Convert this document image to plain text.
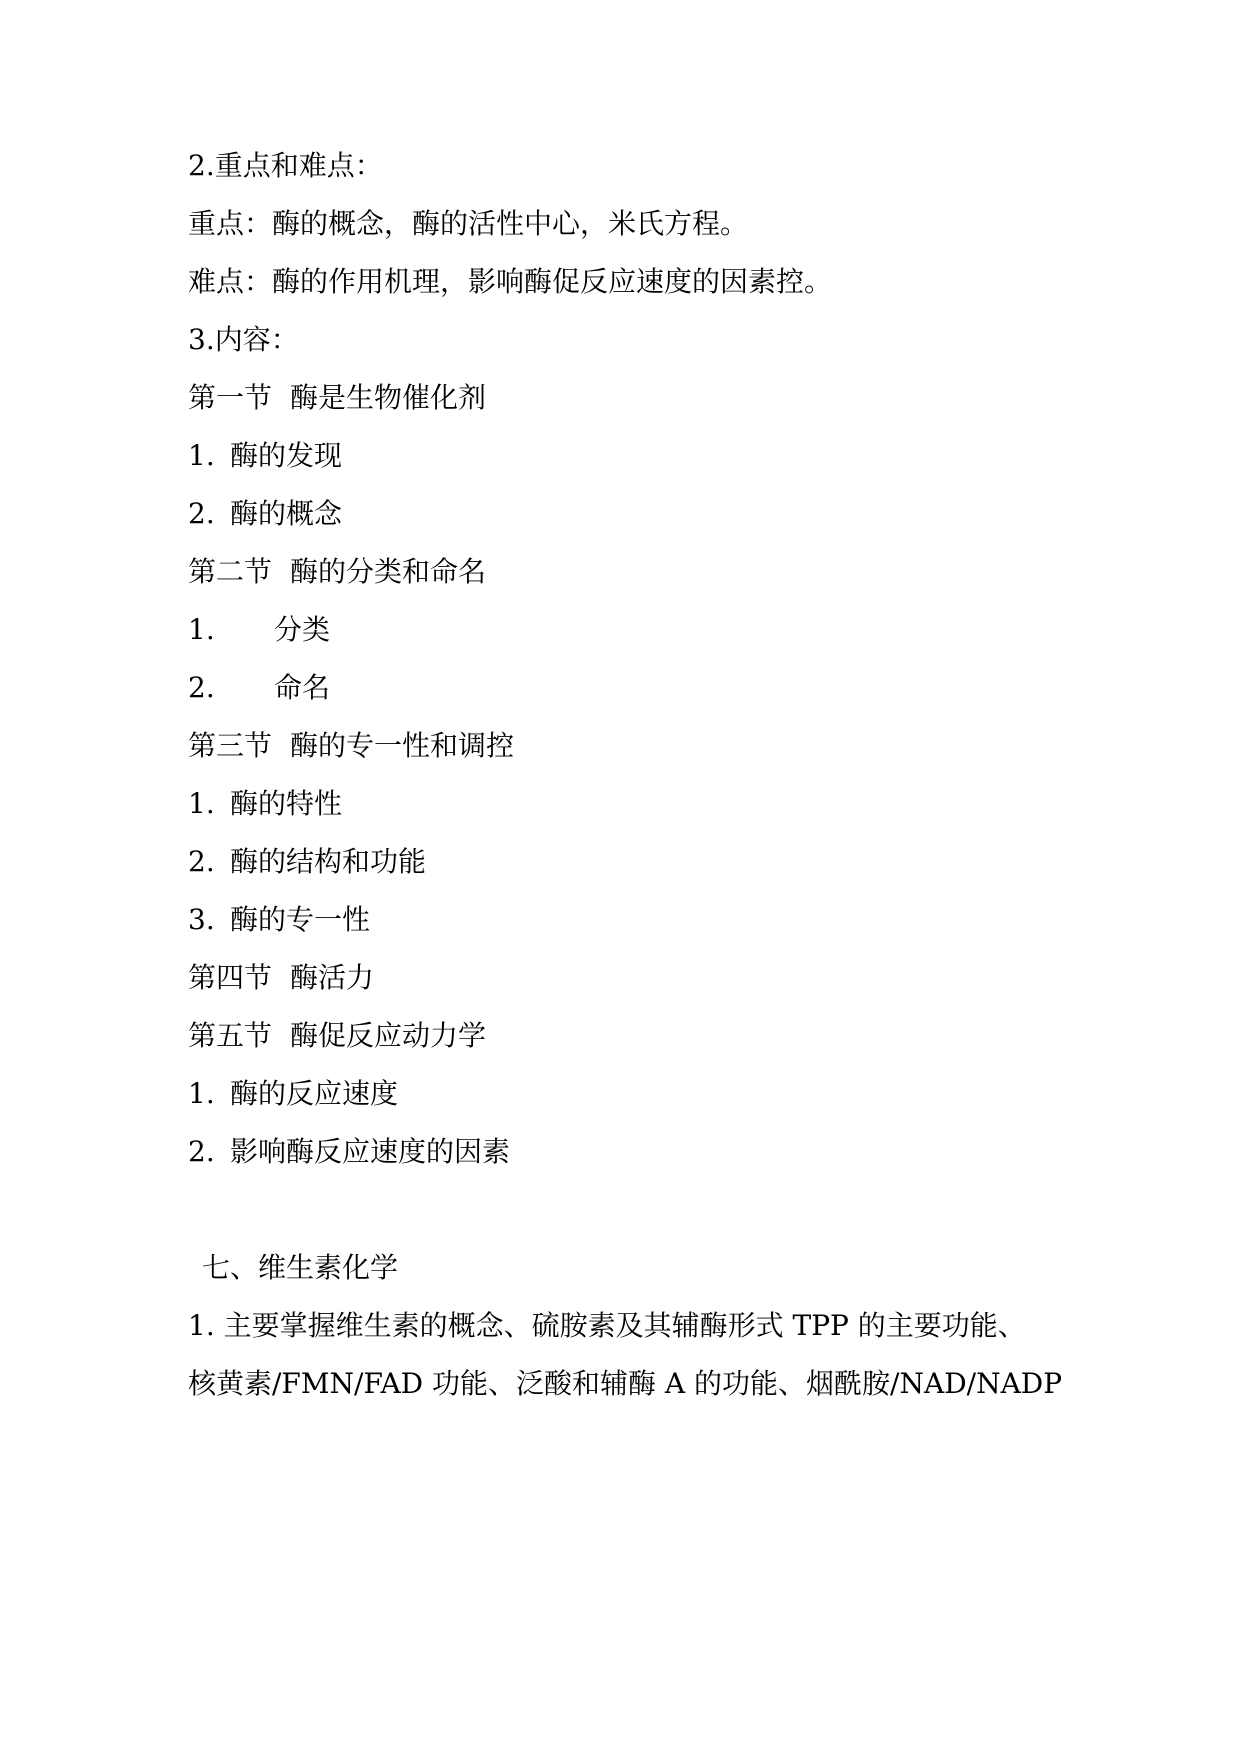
2.重点和难点：
重点：酶的概念，酶的活性中心，米氏方程。
难点：酶的作用机理，影响酶促反应速度的因素控。
3.内容：
第一节 酶是生物催化剂
1. 酶的发现
2. 酶的概念
第二节 酶的分类和命名
1. 分类
2. 命名
第三节 酶的专一性和调控
1. 酶的特性
2. 酶的结构和功能
3. 酶的专一性
第四节 酶活力
第五节 酶促反应动力学
1. 酶的反应速度
2. 影响酶反应速度的因素
七、维生素化学
1. 主要掌握维生素的概念、硫胺素及其辅酶形式 TPP 的主要功能、
核黄素/FMN/FAD 功能、泛酸和辅酶 A 的功能、烟酰胺/NAD/NADP
